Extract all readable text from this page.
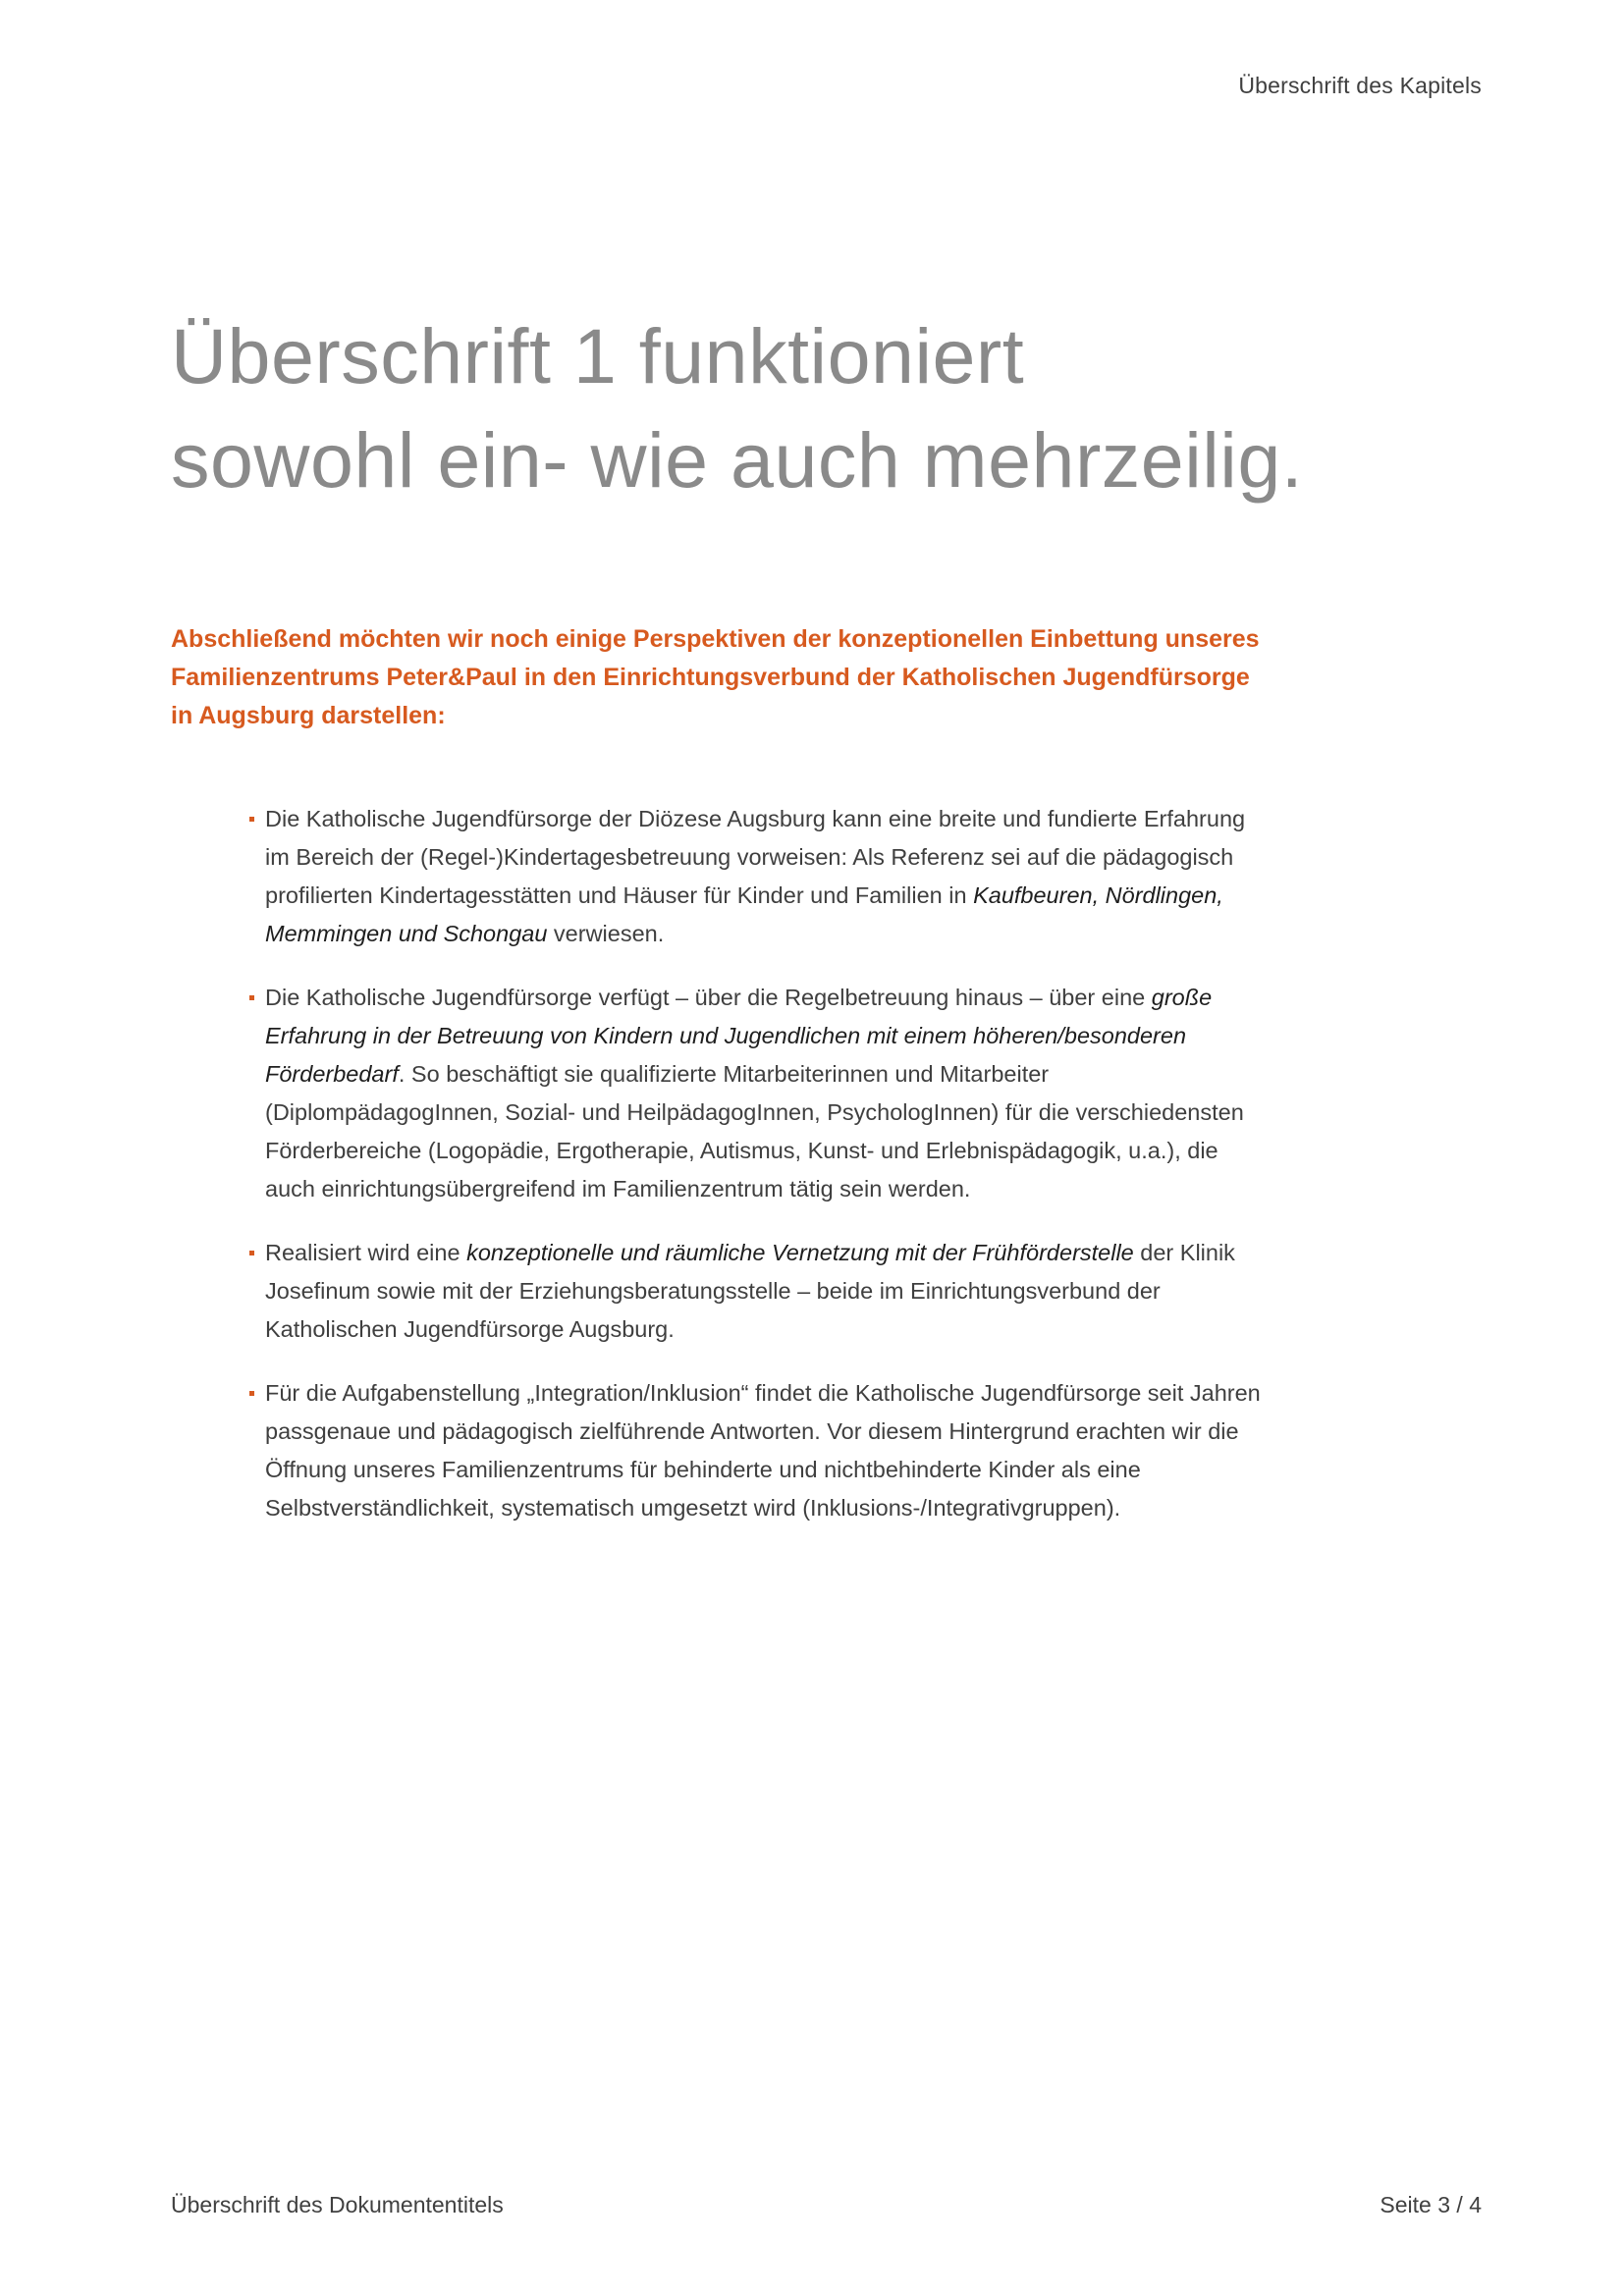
Überschrift des Kapitels
Überschrift 1 funktioniert
sowohl ein- wie auch mehrzeilig.

Abschließend möchten wir noch einige Perspektiven der konzeptionellen Einbettung unseres Familienzentrums Peter&Paul in den Einrichtungsverbund der Katholischen Jugendfürsorge in Augsburg darstellen:

Die Katholische Jugendfürsorge der Diözese Augsburg kann eine breite und fundierte Erfahrung im Bereich der (Regel-)Kindertagesbetreuung vorweisen: Als Referenz sei auf die pädagogisch profilierten Kindertagesstätten und Häuser für Kinder und Familien in Kaufbeuren, Nördlingen, Memmingen und Schongau verwiesen.
Die Katholische Jugendfürsorge verfügt – über die Regelbetreuung hinaus – über eine große Erfahrung in der Betreuung von Kindern und Jugendlichen mit einem höheren/besonderen Förderbedarf. So beschäftigt sie qualifizierte Mitarbeiterinnen und Mitarbeiter (DiplompädagogInnen, Sozial- und HeilpädagogInnen, PsychologInnen) für die verschiedensten Förderbereiche (Logopädie, Ergotherapie, Autismus, Kunst- und Erlebnispädagogik, u.a.), die auch einrichtungsübergreifend im Familienzentrum tätig sein werden.
Realisiert wird eine konzeptionelle und räumliche Vernetzung mit der Frühförderstelle der Klinik Josefinum sowie mit der Erziehungsberatungsstelle – beide im Einrichtungsverbund der Katholischen Jugendfürsorge Augsburg.
Für die Aufgabenstellung „Integration/Inklusion“ findet die Katholische Jugendfürsorge seit Jahren passgenaue und pädagogisch zielführende Antworten. Vor diesem Hintergrund erachten wir die Öffnung unseres Familienzentrums für behinderte und nichtbehinderte Kinder als eine Selbstverständlichkeit, systematisch umgesetzt wird (Inklusions-/Integrativgruppen).
Überschrift des Dokumententitels	Seite 3 / 4
